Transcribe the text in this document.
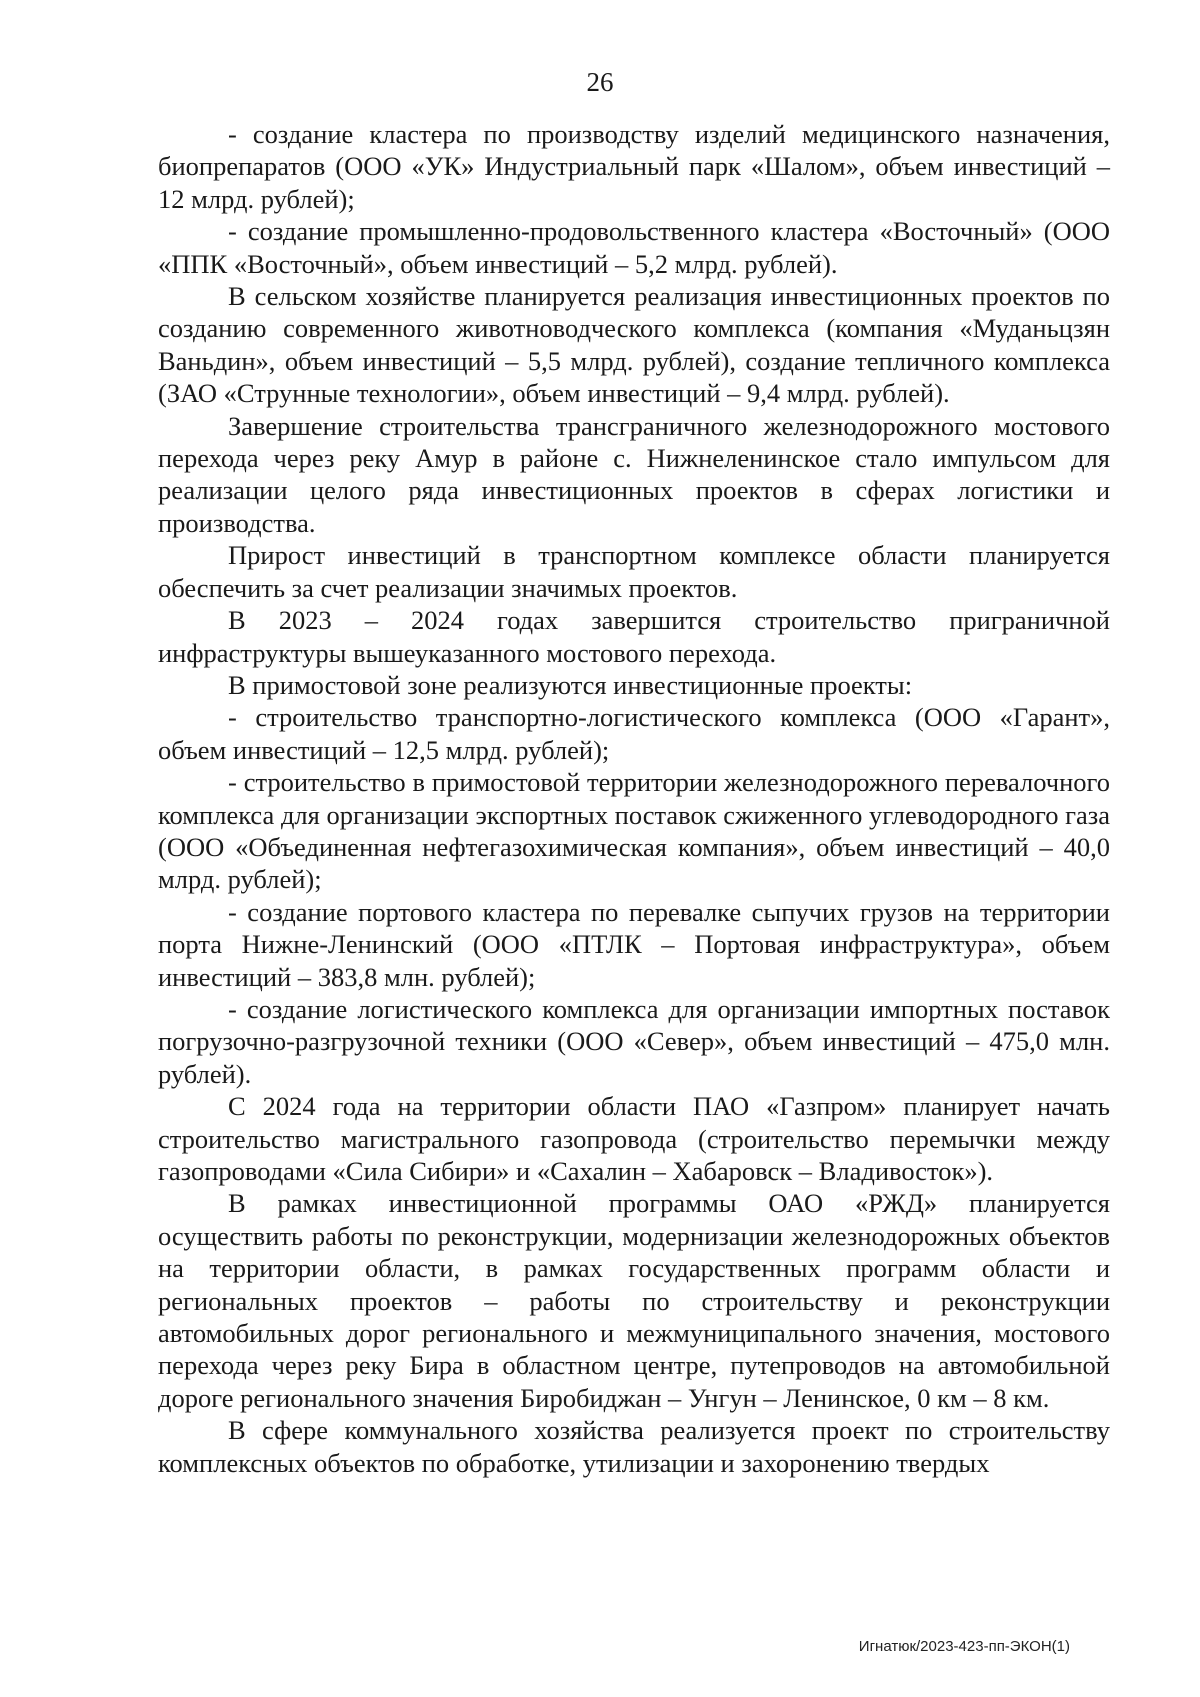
26

- создание кластера по производству изделий медицинского назначения, биопрепаратов (ООО «УК» Индустриальный парк «Шалом», объем инвестиций – 12 млрд. рублей);

- создание промышленно-продовольственного кластера «Восточный» (ООО «ППК «Восточный», объем инвестиций – 5,2 млрд. рублей).

В сельском хозяйстве планируется реализация инвестиционных проектов по созданию современного животноводческого комплекса (компания «Муданьцзян Ваньдин», объем инвестиций – 5,5 млрд. рублей), создание тепличного комплекса (ЗАО «Струнные технологии», объем инвестиций – 9,4 млрд. рублей).

Завершение строительства трансграничного железнодорожного мостового перехода через реку Амур в районе с. Нижнеленинское стало импульсом для реализации целого ряда инвестиционных проектов в сферах логистики и производства.

Прирост инвестиций в транспортном комплексе области планируется обеспечить за счет реализации значимых проектов.

В 2023 – 2024 годах завершится строительство приграничной инфраструктуры вышеуказанного мостового перехода.

В примостовой зоне реализуются инвестиционные проекты:

- строительство транспортно-логистического комплекса (ООО «Гарант», объем инвестиций – 12,5 млрд. рублей);

- строительство в примостовой территории железнодорожного перевалочного комплекса для организации экспортных поставок сжиженного углеводородного газа (ООО «Объединенная нефтегазохимическая компания», объем инвестиций – 40,0 млрд. рублей);

- создание портового кластера по перевалке сыпучих грузов на территории порта Нижне-Ленинский (ООО «ПТЛК – Портовая инфраструктура», объем инвестиций – 383,8 млн. рублей);

- создание логистического комплекса для организации импортных поставок погрузочно-разгрузочной техники (ООО «Север», объем инвестиций – 475,0 млн. рублей).

С 2024 года на территории области ПАО «Газпром» планирует начать строительство магистрального газопровода (строительство перемычки между газопроводами «Сила Сибири» и «Сахалин – Хабаровск – Владивосток»).

В рамках инвестиционной программы ОАО «РЖД» планируется осуществить работы по реконструкции, модернизации железнодорожных объектов на территории области, в рамках государственных программ области и региональных проектов – работы по строительству и реконструкции автомобильных дорог регионального и межмуниципального значения, мостового перехода через реку Бира в областном центре, путепроводов на автомобильной дороге регионального значения Биробиджан – Унгун – Ленинское, 0 км – 8 км.

В сфере коммунального хозяйства реализуется проект по строительству комплексных объектов по обработке, утилизации и захоронению твердых

Игнатюк/2023-423-пп-ЭКОН(1)
